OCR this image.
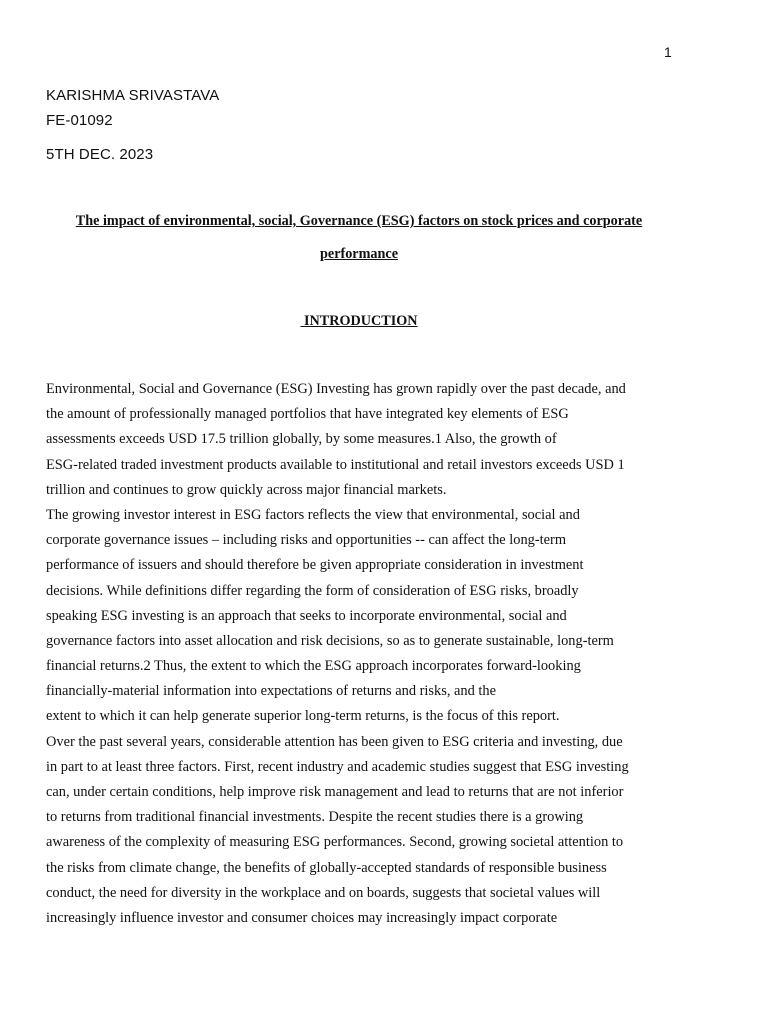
1
KARISHMA SRIVASTAVA
FE-01092
5TH DEC. 2023
The impact of environmental, social, Governance (ESG) factors on stock prices and corporate
performance
INTRODUCTION
Environmental, Social and Governance (ESG) Investing has grown rapidly over the past decade, and
the amount of professionally managed portfolios that have integrated key elements of ESG
assessments exceeds USD 17.5 trillion globally, by some measures.1 Also, the growth of
ESG-related traded investment products available to institutional and retail investors exceeds USD 1
trillion and continues to grow quickly across major financial markets.
The growing investor interest in ESG factors reflects the view that environmental, social and
corporate governance issues – including risks and opportunities -- can affect the long-term
performance of issuers and should therefore be given appropriate consideration in investment
decisions. While definitions differ regarding the form of consideration of ESG risks, broadly
speaking ESG investing is an approach that seeks to incorporate environmental, social and
governance factors into asset allocation and risk decisions, so as to generate sustainable, long-term
financial returns.2 Thus, the extent to which the ESG approach incorporates forward-looking
financially-material information into expectations of returns and risks, and the
extent to which it can help generate superior long-term returns, is the focus of this report.
Over the past several years, considerable attention has been given to ESG criteria and investing, due
in part to at least three factors. First, recent industry and academic studies suggest that ESG investing
can, under certain conditions, help improve risk management and lead to returns that are not inferior
to returns from traditional financial investments. Despite the recent studies there is a growing
awareness of the complexity of measuring ESG performances. Second, growing societal attention to
the risks from climate change, the benefits of globally-accepted standards of responsible business
conduct, the need for diversity in the workplace and on boards, suggests that societal values will
increasingly influence investor and consumer choices may increasingly impact corporate
